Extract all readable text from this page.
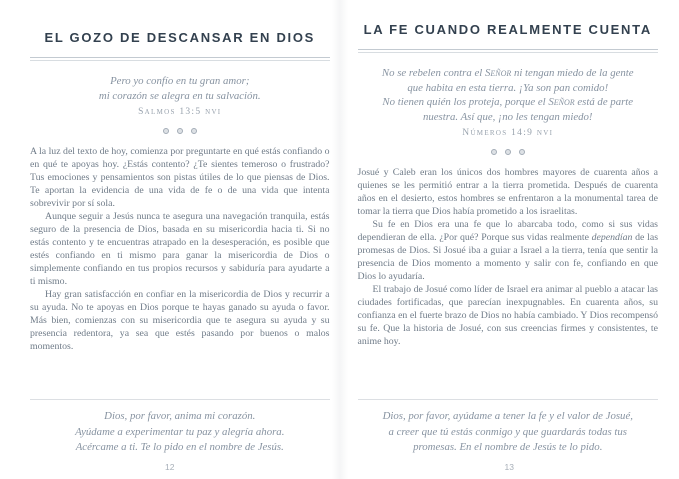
EL GOZO DE DESCANSAR EN DIOS
Pero yo confío en tu gran amor;
mi corazón se alegra en tu salvación.
Salmos 13:5 nvi

A la luz del texto de hoy, comienza por preguntarte en qué estás confiando o en qué te apoyas hoy. ¿Estás contento? ¿Te sientes temeroso o frustrado? Tus emociones y pensamientos son pistas útiles de lo que piensas de Dios. Te aportan la evidencia de una vida de fe o de una vida que intenta sobrevivir por sí sola.

Aunque seguir a Jesús nunca te asegura una navegación tranquila, estás seguro de la presencia de Dios, basada en su misericordia hacia ti. Si no estás contento y te encuentras atrapado en la desesperación, es posible que estés confiando en ti mismo para ganar la misericordia de Dios o simplemente confiando en tus propios recursos y sabiduría para ayudarte a ti mismo.

Hay gran satisfacción en confiar en la misericordia de Dios y recurrir a su ayuda. No te apoyas en Dios porque te hayas ganado su ayuda o favor. Más bien, comienzas con su misericordia que te asegura su ayuda y su presencia redentora, ya sea que estés pasando por buenos o malos momentos.

Dios, por favor, anima mi corazón.
Ayúdame a experimentar tu paz y alegría ahora.
Acércame a ti. Te lo pido en el nombre de Jesús.
12
LA FE CUANDO REALMENTE CUENTA
No se rebelen contra el Señor ni tengan miedo de la gente
que habita en esta tierra. ¡Ya son pan comido!
No tienen quién los proteja, porque el Señor está de parte
nuestra. Así que, ¡no les tengan miedo!
Números 14:9 nvi

Josué y Caleb eran los únicos dos hombres mayores de cuarenta años a quienes se les permitió entrar a la tierra prometida. Después de cuarenta años en el desierto, estos hombres se enfrentaron a la monumental tarea de tomar la tierra que Dios había prometido a los israelitas.

Su fe en Dios era una fe que lo abarcaba todo, como si sus vidas dependieran de ella. ¿Por qué? Porque sus vidas realmente dependían de las promesas de Dios. Si Josué iba a guiar a Israel a la tierra, tenía que sentir la presencia de Dios momento a momento y salir con fe, confiando en que Dios lo ayudaría.

El trabajo de Josué como líder de Israel era animar al pueblo a atacar las ciudades fortificadas, que parecían inexpugnables. En cuarenta años, su confianza en el fuerte brazo de Dios no había cambiado. Y Dios recompensó su fe. Que la historia de Josué, con sus creencias firmes y consistentes, te anime hoy.

Dios, por favor, ayúdame a tener la fe y el valor de Josué,
a creer que tú estás conmigo y que guardarás todas tus
promesas. En el nombre de Jesús te lo pido.
13
